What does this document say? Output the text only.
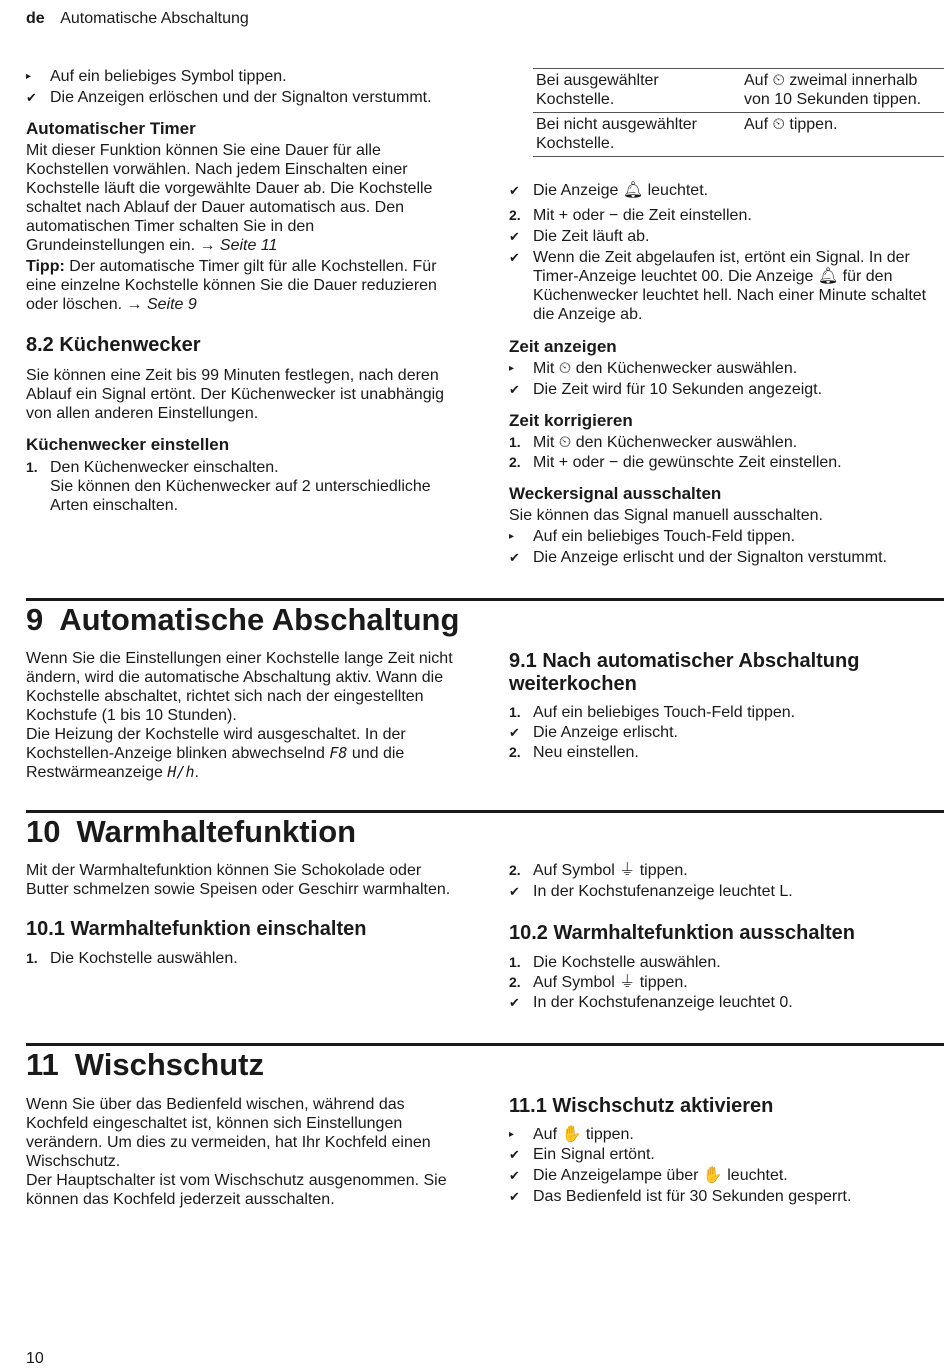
de Automatische Abschaltung
▸	Auf ein beliebiges Symbol tippen.
✔ Die Anzeigen erlöschen und der Signalton verstummt.

Automatischer Timer

Mit dieser Funktion können Sie eine Dauer für alle Kochstellen vorwählen. Nach jedem Einschalten einer Kochstelle läuft die vorgewählte Dauer ab. Die Kochstelle schaltet nach Ablauf der Dauer automatisch aus. Den automatischen Timer schalten Sie in den Grundeinstellungen ein. → Seite 11

Tipp: Der automatische Timer gilt für alle Kochstellen. Für eine einzelne Kochstelle können Sie die Dauer reduzieren oder löschen. → Seite 9

8.2 Küchenwecker

Sie können eine Zeit bis 99 Minuten festlegen, nach deren Ablauf ein Signal ertönt. Der Küchenwecker ist unabhängig von allen anderen Einstellungen.

Küchenwecker einstellen

1. Den Küchenwecker einschalten.
Sie können den Küchenwecker auf 2 unterschiedliche Arten einschalten.
Bei ausgewählter Kochstelle.	Auf ⏲ zweimal innerhalb von 10 Sekunden tippen.
Bei nicht ausgewählter Kochstelle.	Auf ⏲ tippen.
✔ Die Anzeige 🔔︎ leuchtet.
2. Mit + oder − die Zeit einstellen.
✔ Die Zeit läuft ab.
✔ Wenn die Zeit abgelaufen ist, ertönt ein Signal. In der Timer-Anzeige leuchtet 00. Die Anzeige 🔔︎ für den Küchenwecker leuchtet hell. Nach einer Minute schaltet die Anzeige ab.

Zeit anzeigen

▸	Mit ⏲ den Küchenwecker auswählen.
✔ Die Zeit wird für 10 Sekunden angezeigt.

Zeit korrigieren

1. Mit ⏲ den Küchenwecker auswählen.
2. Mit + oder − die gewünschte Zeit einstellen.

Weckersignal ausschalten

Sie können das Signal manuell ausschalten.

▸	Auf ein beliebiges Touch-Feld tippen.
✔ Die Anzeige erlischt und der Signalton verstummt.
9 Automatische Abschaltung

Wenn Sie die Einstellungen einer Kochstelle lange Zeit nicht ändern, wird die automatische Abschaltung aktiv. Wann die Kochstelle abschaltet, richtet sich nach der eingestellten Kochstufe (1 bis 10 Stunden).

Die Heizung der Kochstelle wird ausgeschaltet. In der Kochstellen-Anzeige blinken abwechselnd F8 und die Restwärmeanzeige H/h.

9.1 Nach automatischer Abschaltung weiterkochen

1. Auf ein beliebiges Touch-Feld tippen.
✔ Die Anzeige erlischt.
2. Neu einstellen.
10 Warmhaltefunktion

Mit der Warmhaltefunktion können Sie Schokolade oder Butter schmelzen sowie Speisen oder Geschirr warmhalten.

10.1 Warmhaltefunktion einschalten

1. Die Kochstelle auswählen.
2. Auf Symbol ⏚ tippen.
✔ In der Kochstufenanzeige leuchtet L.

10.2 Warmhaltefunktion ausschalten

1. Die Kochstelle auswählen.
2. Auf Symbol ⏚ tippen.
✔ In der Kochstufenanzeige leuchtet 0.
11 Wischschutz

Wenn Sie über das Bedienfeld wischen, während das Kochfeld eingeschaltet ist, können sich Einstellungen verändern. Um dies zu vermeiden, hat Ihr Kochfeld einen Wischschutz.

Der Hauptschalter ist vom Wischschutz ausgenommen. Sie können das Kochfeld jederzeit ausschalten.

11.1 Wischschutz aktivieren

▸	Auf ✋ tippen.
✔ Ein Signal ertönt.
✔ Die Anzeigelampe über ✋ leuchtet.
✔ Das Bedienfeld ist für 30 Sekunden gesperrt.
10
